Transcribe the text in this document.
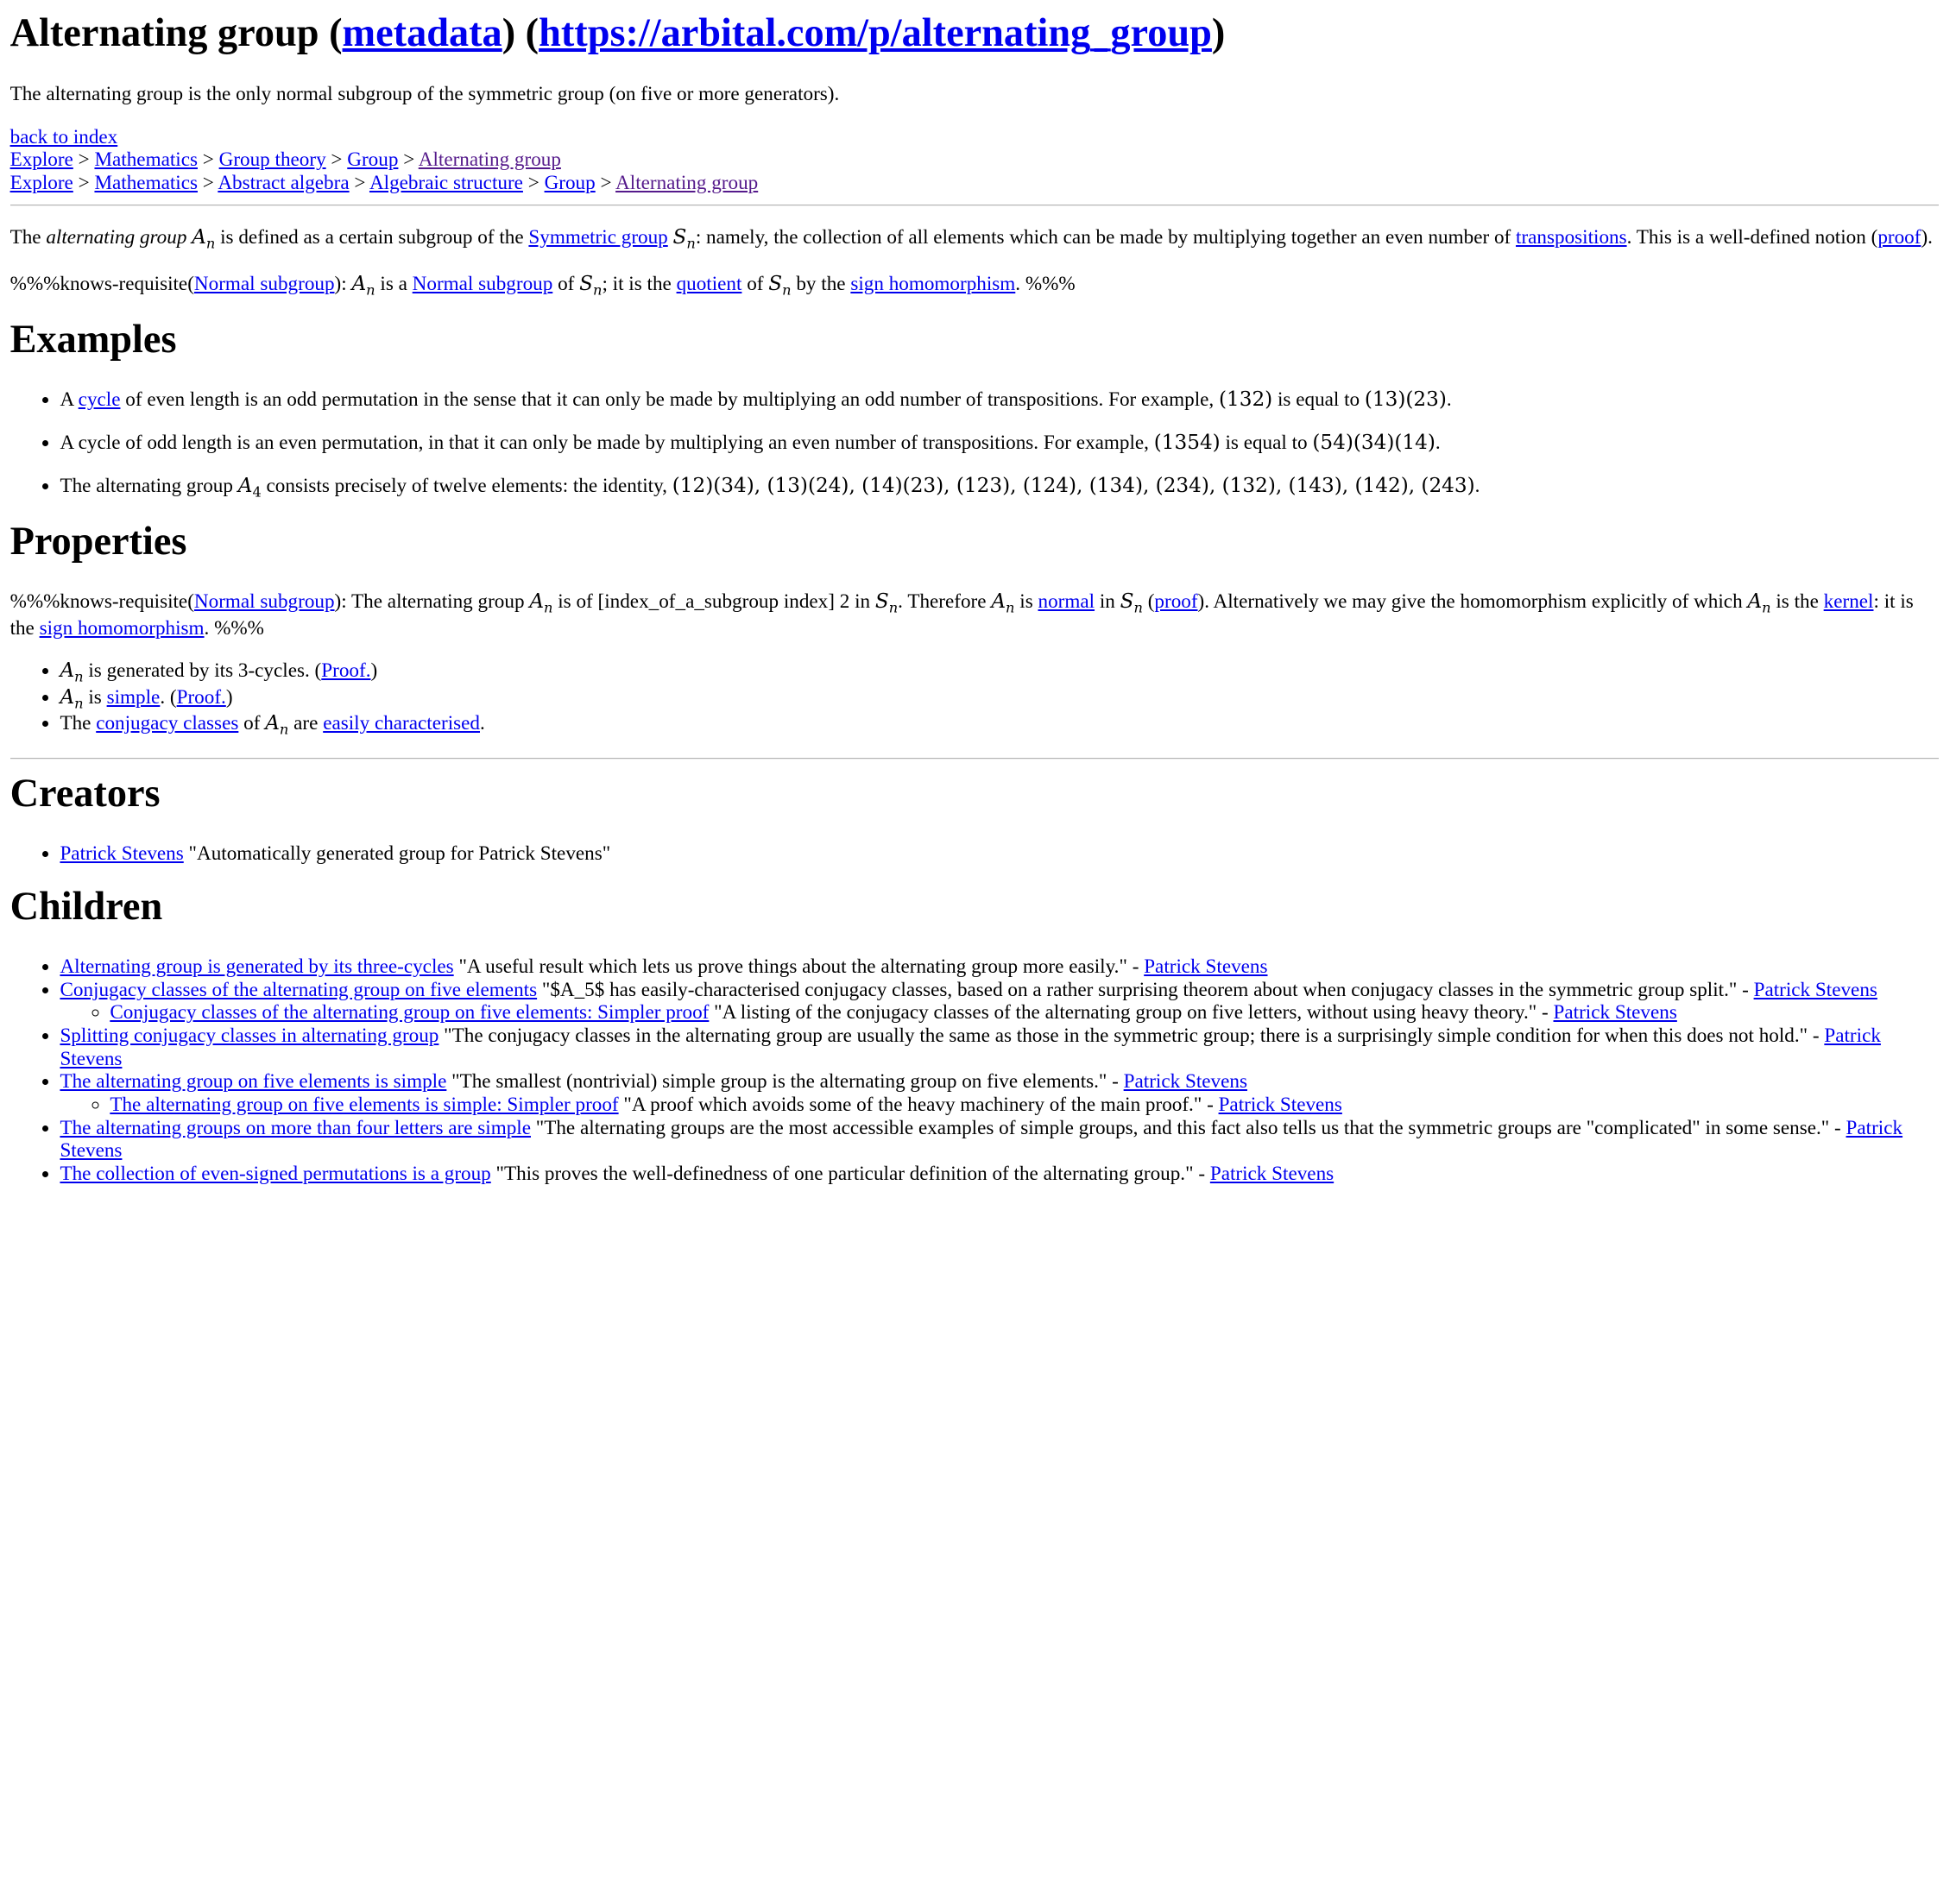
Alternating group (metadata) (https://arbital.com/p/alternating_group)

The alternating group is the only normal subgroup of the symmetric group (on five or more generators).

back to index
Explore > Mathematics > Group theory > Group > Alternating group
Explore > Mathematics > Abstract algebra > Algebraic structure > Group > Alternating group

The alternating group $A_n$ is defined as a certain subgroup of the Symmetric group $S_n$: namely, the collection of all elements which can be made by multiplying together an even number of transpositions. This is a well-defined notion (proof).

%%%knows-requisite(Normal subgroup): $A_n$ is a Normal subgroup of $S_n$; it is the quotient of $S_n$ by the sign homomorphism. %%%

Examples
• A cycle of even length is an odd permutation in the sense that it can only be made by multiplying an odd number of transpositions. For example, (132) is equal to (13)(23).
• A cycle of odd length is an even permutation, in that it can only be made by multiplying an even number of transpositions. For example, (1354) is equal to (54)(34)(14).
• The alternating group $A_4$ consists precisely of twelve elements: the identity, (12)(34), (13)(24), (14)(23), (123), (124), (134), (234), (132), (143), (142), (243).
Properties

%%%knows-requisite(Normal subgroup): The alternating group $A_n$ is of [index_of_a_subgroup index] 2 in $S_n$. Therefore $A_n$ is normal in $S_n$ (proof). Alternatively we may give the homomorphism explicitly of which $A_n$ is the kernel: it is the sign homomorphism. %%%

• $A_n$ is generated by its 3-cycles. (Proof.)
• $A_n$ is simple. (Proof.)
• The conjugacy classes of $A_n$ are easily characterised.
Creators
• Patrick Stevens "Automatically generated group for Patrick Stevens"
Children
• Alternating group is generated by its three-cycles "A useful result which lets us prove things about the alternating group more easily." - Patrick Stevens
• Conjugacy classes of the alternating group on five elements "$A_5$ has easily-characterised conjugacy classes, based on a rather surprising theorem about when conjugacy classes in the symmetric group split." - Patrick Stevens
◦ Conjugacy classes of the alternating group on five elements: Simpler proof "A listing of the conjugacy classes of the alternating group on five letters, without using heavy theory." - Patrick Stevens
• Splitting conjugacy classes in alternating group "The conjugacy classes in the alternating group are usually the same as those in the symmetric group; there is a surprisingly simple condition for when this does not hold." - Patrick Stevens
• The alternating group on five elements is simple "The smallest (nontrivial) simple group is the alternating group on five elements." - Patrick Stevens
◦ The alternating group on five elements is simple: Simpler proof "A proof which avoids some of the heavy machinery of the main proof." - Patrick Stevens
• The alternating groups on more than four letters are simple "The alternating groups are the most accessible examples of simple groups, and this fact also tells us that the symmetric groups are "complicated" in some sense." - Patrick Stevens
• The collection of even-signed permutations is a group "This proves the well-definedness of one particular definition of the alternating group." - Patrick Stevens
